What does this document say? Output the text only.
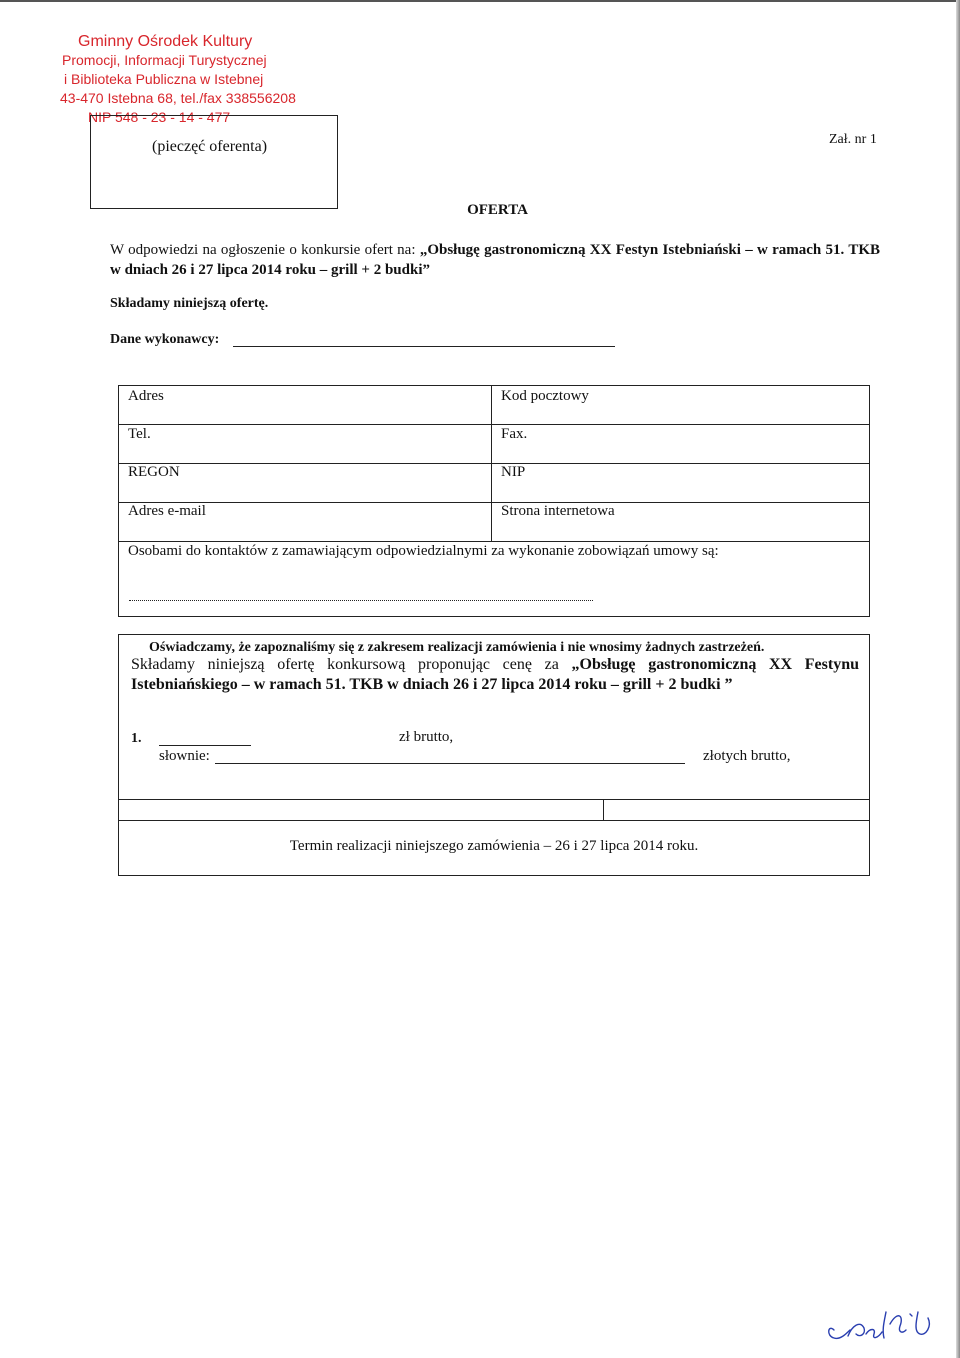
Gminny Ośrodek Kultury
Promocji, Informacji Turystycznej
i Biblioteka Publiczna w Istebnej
43-470 Istebna 68, tel./fax 338556208
NIP 548 - 23 - 14 - 477
(pieczęć oferenta)	Zał. nr 1
OFERTA
W odpowiedzi na ogłoszenie o konkursie ofert na: „Obsługę gastronomiczną XX Festyn Istebniański – w ramach 51. TKB w dniach 26 i 27 lipca 2014 roku – grill + 2 budki”
Składamy niniejszą ofertę.
Dane wykonawcy:
Adres	Kod pocztowy
Tel.	Fax.
REGON	NIP
Adres e-mail	Strona internetowa
Osobami do kontaktów z zamawiającym odpowiedzialnymi za wykonanie zobowiązań umowy są:
Oświadczamy, że zapoznaliśmy się z zakresem realizacji zamówienia i nie wnosimy żadnych zastrzeżeń.
Składamy niniejszą ofertę konkursową proponując cenę za „Obsługę gastronomiczną XX Festynu Istebniańskiego – w ramach 51. TKB w dniach 26 i 27 lipca 2014 roku – grill + 2 budki ”
1.	zł brutto,
słownie:	złotych brutto,
Termin realizacji niniejszego zamówienia – 26 i 27 lipca 2014 roku.
